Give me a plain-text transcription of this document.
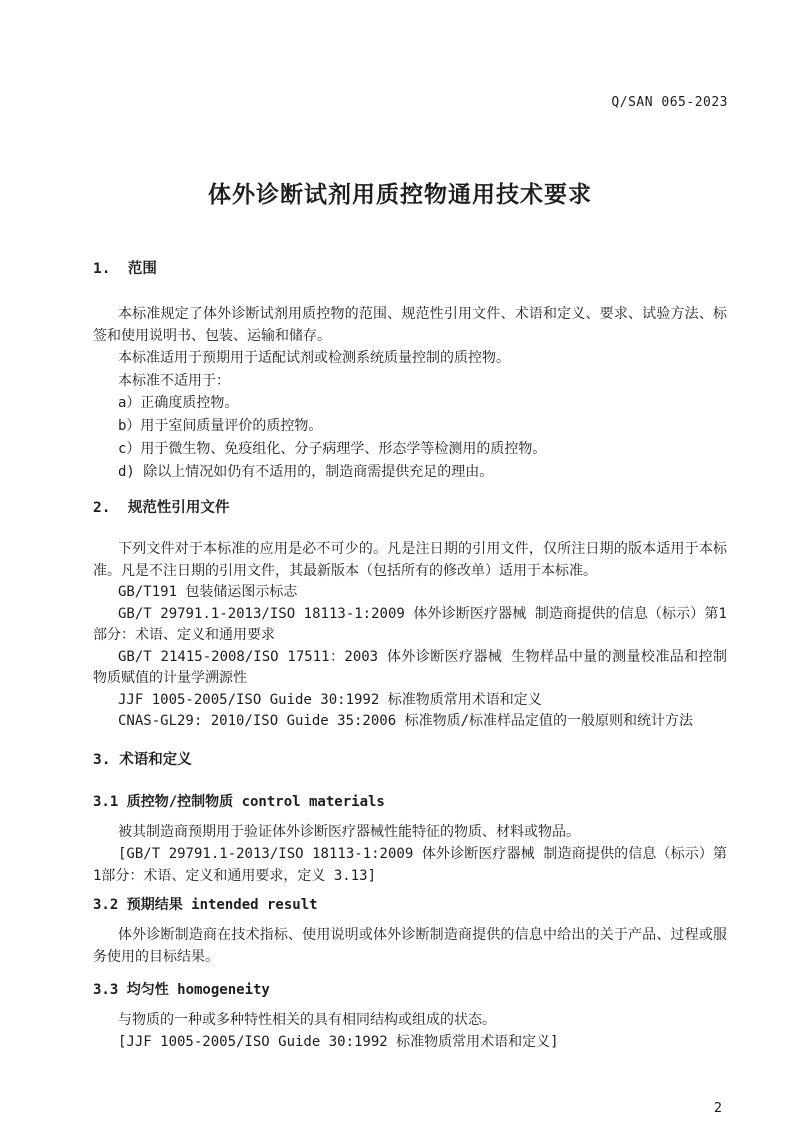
Q/SAN 065-2023
体外诊断试剂用质控物通用技术要求
1.  范围
本标准规定了体外诊断试剂用质控物的范围、规范性引用文件、术语和定义、要求、试验方法、标签和使用说明书、包装、运输和储存。
本标准适用于预期用于适配试剂或检测系统质量控制的质控物。
本标准不适用于：
a）正确度质控物。
b）用于室间质量评价的质控物。
c）用于微生物、免疫组化、分子病理学、形态学等检测用的质控物。
d) 除以上情况如仍有不适用的，制造商需提供充足的理由。
2.  规范性引用文件
下列文件对于本标准的应用是必不可少的。凡是注日期的引用文件，仅所注日期的版本适用于本标准。凡是不注日期的引用文件，其最新版本（包括所有的修改单）适用于本标准。
GB/T191 包装储运图示标志
GB/T 29791.1-2013/ISO 18113-1:2009 体外诊断医疗器械 制造商提供的信息（标示）第1部分：术语、定义和通用要求
GB/T 21415-2008/ISO 17511：2003 体外诊断医疗器械 生物样品中量的测量校准品和控制物质赋值的计量学溯源性
JJF 1005-2005/ISO Guide 30:1992 标准物质常用术语和定义
CNAS-GL29: 2010/ISO Guide 35:2006 标准物质/标准样品定值的一般原则和统计方法
3. 术语和定义
3.1 质控物/控制物质 control materials
被其制造商预期用于验证体外诊断医疗器械性能特征的物质、材料或物品。
[GB/T 29791.1-2013/ISO 18113-1:2009 体外诊断医疗器械 制造商提供的信息（标示）第1部分：术语、定义和通用要求，定义 3.13]
3.2 预期结果 intended result
体外诊断制造商在技术指标、使用说明或体外诊断制造商提供的信息中给出的关于产品、过程或服务使用的目标结果。
3.3 均匀性 homogeneity
与物质的一种或多种特性相关的具有相同结构或组成的状态。
[JJF 1005-2005/ISO Guide 30:1992 标准物质常用术语和定义]
2
